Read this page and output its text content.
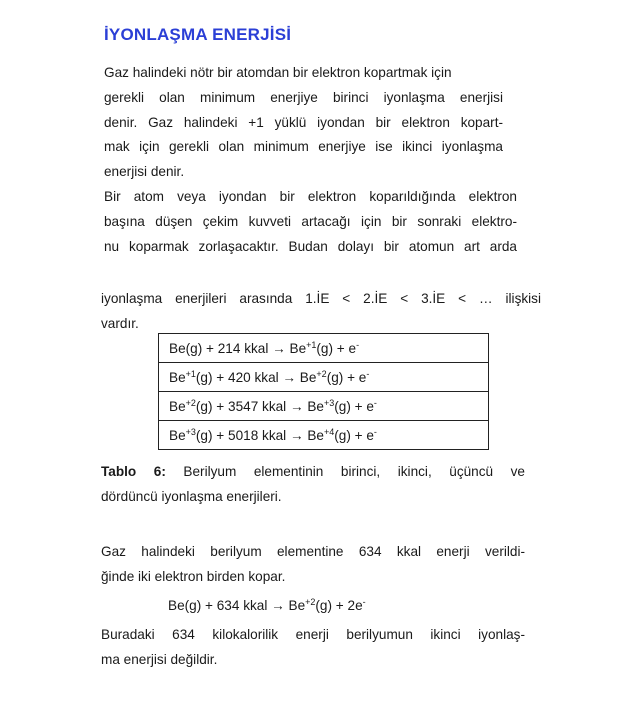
İYONLAŞMA ENERJİSİ
Gaz halindeki nötr bir atomdan bir elektron kopartmak için
gerekli olan minimum enerjiye birinci iyonlaşma enerjisi
denir. Gaz halindeki +1 yüklü iyondan bir elektron kopart-
mak için gerekli olan minimum enerjiye ise ikinci iyonlaşma
enerjisi denir.
Bir atom veya iyondan bir elektron koparıldığında elektron
başına düşen çekim kuvveti artacağı için bir sonraki elektro-
nu koparmak zorlaşacaktır. Budan dolayı bir atomun art arda
iyonlaşma enerjileri arasında 1.İE < 2.İE < 3.İE < … ilişkisi
vardır.
Be(g) + 214 kkal → $Be^{+1}(g) + e^-$
$Be^{+1}(g) + 420$ kkal → $Be^{+2}(g) + e^-$
$Be^{+2}(g) + 3547$ kkal → $Be^{+3}(g) + e^-$
$Be^{+3}(g) + 5018$ kkal → $Be^{+4}(g) + e^-$
Tablo 6: Berilyum elementinin birinci, ikinci, üçüncü ve
dördüncü iyonlaşma enerjileri.
Gaz halindeki berilyum elementine 634 kkal enerji verildi-
ğinde iki elektron birden kopar.
Be(g) + 634 kkal → $Be^{+2}(g) + 2e^-$
Buradaki 634 kilokalorilik enerji berilyumun ikinci iyonlaş-
ma enerjisi değildir.
